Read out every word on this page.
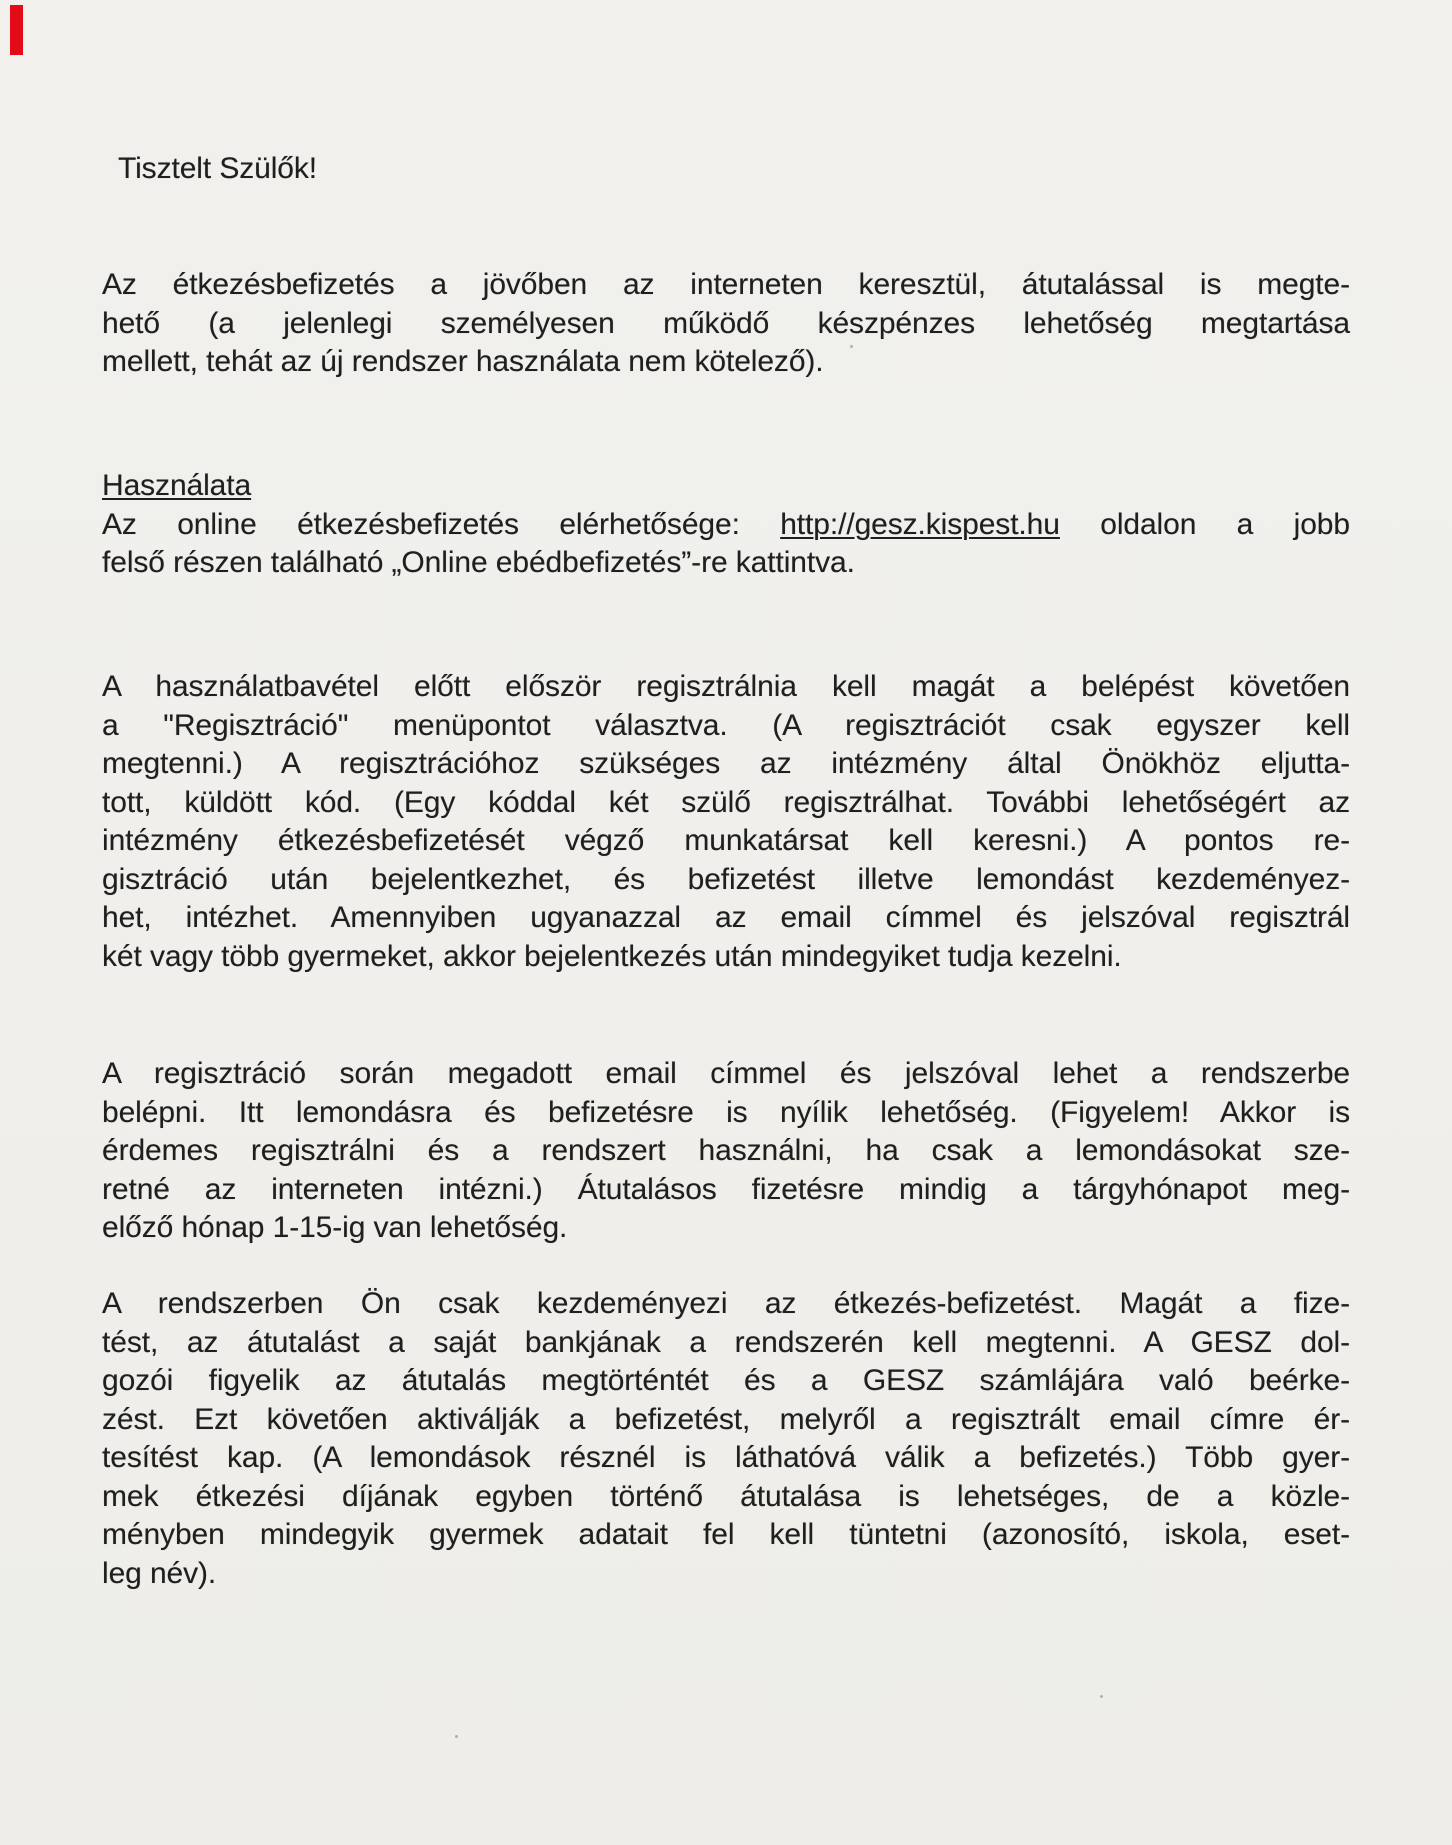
Tisztelt Szülők!
Az étkezésbefizetés a jövőben az interneten keresztül, átutalással is megte-
hető (a jelenlegi személyesen működő készpénzes lehetőség megtartása
mellett, tehát az új rendszer használata nem kötelező).
Használata
Az online étkezésbefizetés elérhetősége: http://gesz.kispest.hu oldalon a jobb
felső részen található „Online ebédbefizetés”-re kattintva.
A használatbavétel előtt először regisztrálnia kell magát a belépést követően
a "Regisztráció" menüpontot választva. (A regisztrációt csak egyszer kell
megtenni.) A regisztrációhoz szükséges az intézmény által Önökhöz eljutta-
tott, küldött kód. (Egy kóddal két szülő regisztrálhat. További lehetőségért az
intézmény étkezésbefizetését végző munkatársat kell keresni.) A pontos re-
gisztráció után bejelentkezhet, és befizetést illetve lemondást kezdeményez-
het, intézhet. Amennyiben ugyanazzal az email címmel és jelszóval regisztrál
két vagy több gyermeket, akkor bejelentkezés után mindegyiket tudja kezelni.
A regisztráció során megadott email címmel és jelszóval lehet a rendszerbe
belépni. Itt lemondásra és befizetésre is nyílik lehetőség. (Figyelem! Akkor is
érdemes regisztrálni és a rendszert használni, ha csak a lemondásokat sze-
retné az interneten intézni.) Átutalásos fizetésre mindig a tárgyhónapot meg-
előző hónap 1-15-ig van lehetőség.
A rendszerben Ön csak kezdeményezi az étkezés-befizetést. Magát a fize-
tést, az átutalást a saját bankjának a rendszerén kell megtenni. A GESZ dol-
gozói figyelik az átutalás megtörténtét és a GESZ számlájára való beérke-
zést. Ezt követően aktiválják a befizetést, melyről a regisztrált email címre ér-
tesítést kap. (A lemondások résznél is láthatóvá válik a befizetés.) Több gyer-
mek étkezési díjának egyben történő átutalása is lehetséges, de a közle-
ményben mindegyik gyermek adatait fel kell tüntetni (azonosító, iskola, eset-
leg név).
